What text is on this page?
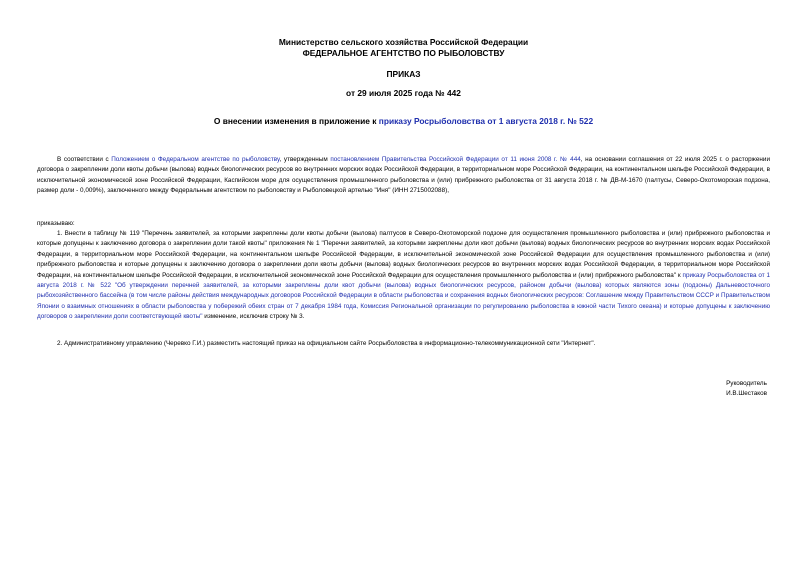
Министерство сельского хозяйства Российской Федерации
ФЕДЕРАЛЬНОЕ АГЕНТСТВО ПО РЫБОЛОВСТВУ
ПРИКАЗ
от 29 июля 2025 года № 442
О внесении изменения в приложение к приказу Росрыболовства от 1 августа 2018 г. № 522
В соответствии с Положением о Федеральном агентстве по рыболовству, утвержденным постановлением Правительства Российской Федерации от 11 июня 2008 г. № 444, на основании соглашения от 22 июля 2025 г. о расторжении договора о закреплении доли квоты добычи (вылова) водных биологических ресурсов во внутренних морских водах Российской Федерации, в территориальном море Российской Федерации, на континентальном шельфе Российской Федерации, в исключительной экономической зоне Российской Федерации, Каспийском море для осуществления промышленного рыболовства и (или) прибрежного рыболовства от 31 августа 2018 г. № ДВ-М-1670 (палтусы, Северо-Охотоморская подзона, размер доли - 0,009%), заключенного между Федеральным агентством по рыболовству и Рыболовецкой артелью "Иня" (ИНН 2715002088),
приказываю:
1. Внести в таблицу № 119 "Перечень заявителей, за которыми закреплены доли квоты добычи (вылова) палтусов в Северо-Охотоморской подзоне для осуществления промышленного рыболовства и (или) прибрежного рыболовства и которые допущены к заключению договора о закреплении доли такой квоты" приложения № 1 "Перечни заявителей, за которыми закреплены доли квот добычи (вылова) водных биологических ресурсов во внутренних морских водах Российской Федерации, в территориальном море Российской Федерации, на континентальном шельфе Российской Федерации, в исключительной экономической зоне Российской Федерации для осуществления промышленного рыболовства и (или) прибрежного рыболовства и которые допущены к заключению договора о закреплении доли квоты добычи (вылова) водных биологических ресурсов во внутренних морских водах Российской Федерации, в территориальном море Российской Федерации, на континентальном шельфе Российской Федерации, в исключительной экономической зоне Российской Федерации для осуществления промышленного рыболовства и (или) прибрежного рыболовства" к приказу Росрыболовства от 1 августа 2018 г. № 522 "Об утверждении перечней заявителей, за которыми закреплены доли квот добычи (вылова) водных биологических ресурсов, районом добычи (вылова) которых являются зоны (подзоны) Дальневосточного рыбохозяйственного бассейна (в том числе районы действия международных договоров Российской Федерации в области рыболовства и сохранения водных биологических ресурсов: Соглашение между Правительством СССР и Правительством Японии о взаимных отношениях в области рыболовства у побережий обеих стран от 7 декабря 1984 года, Комиссия Региональной организации по регулированию рыболовства в южной части Тихого океана) и которые допущены к заключению договоров о закреплении доли соответствующей квоты" изменение, исключив строку № 3.
2. Административному управлению (Черевко Г.И.) разместить настоящий приказ на официальном сайте Росрыболовства в информационно-телекоммуникационной сети "Интернет".
Руководитель
И.В.Шестаков
